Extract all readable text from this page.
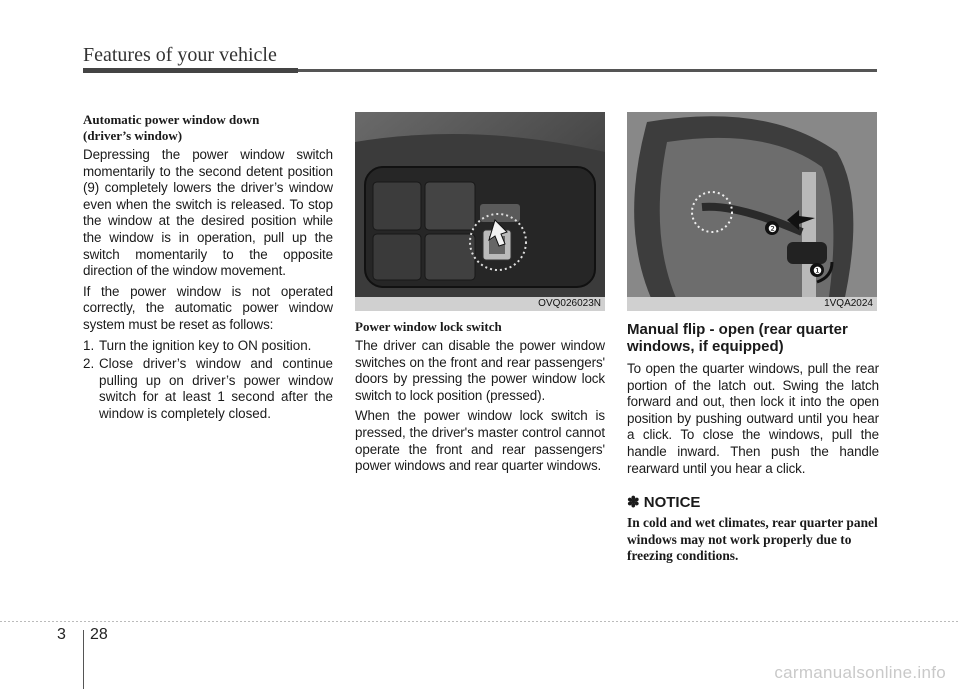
Features of your vehicle
Automatic power window down
(driver’s window)

Depressing the power window switch momentarily to the second detent position (9) completely lowers the driver’s window even when the switch is released. To stop the window at the desired position while the window is in operation, pull up the switch momentarily to the opposite direction of the window movement.

If the power window is not operated correctly, the automatic power window system must be reset as follows:

1. Turn the ignition key to ON position.
2. Close driver’s window and continue pulling up on driver’s power window switch for at least 1 second after the window is completely closed.
OVQ026023N
Power window lock switch

The driver can disable the power window switches on the front and rear passengers' doors by pressing the power window lock switch to lock position (pressed).

When the power window lock switch is pressed, the driver's master control cannot operate the front and rear passengers' power windows and rear quarter windows.

❷
❶
1VQA2024
Manual flip - open (rear quarter windows, if equipped)

To open the quarter windows, pull the rear portion of the latch out. Swing the latch forward and out, then lock it into the open position by pushing outward until you hear a click. To close the windows, pull the handle inward. Then push the handle rearward until you hear a click.

✽ NOTICE

In cold and wet climates, rear quarter panel windows may not work properly due to freezing conditions.

3 28
carmanualsonline.info
